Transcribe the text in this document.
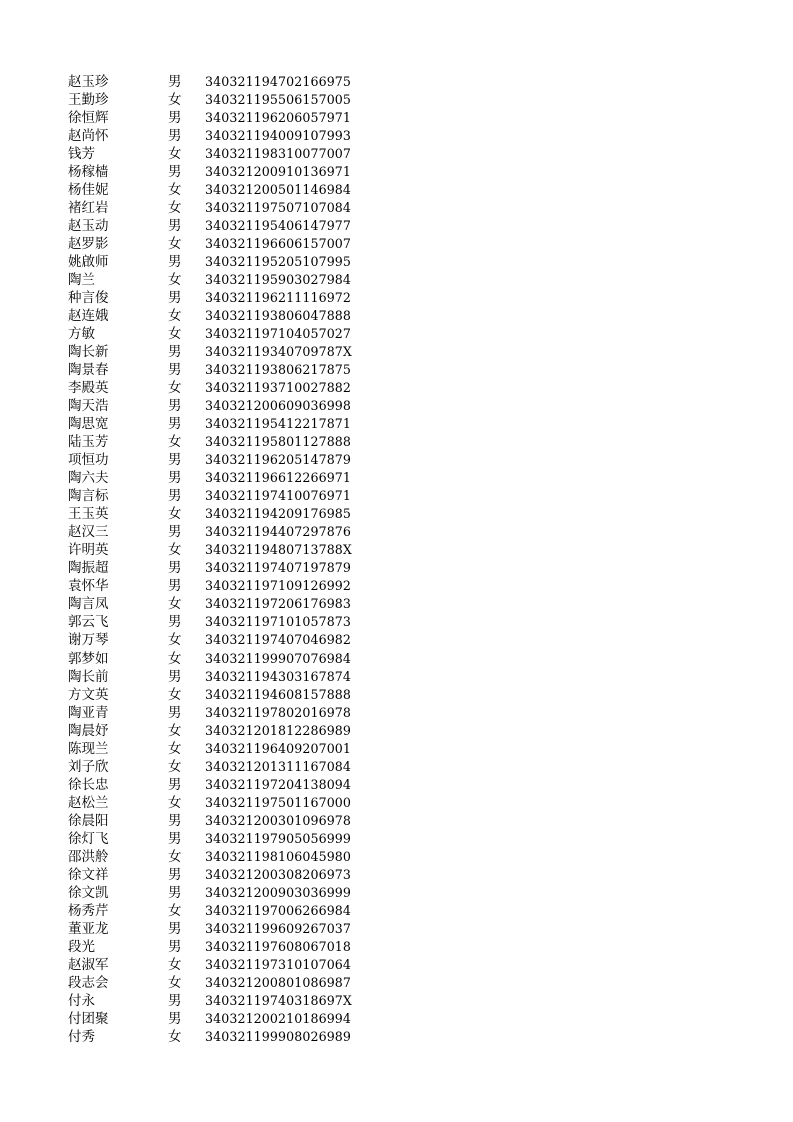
赵玉珍	男	340321194702166975
王勤珍	女	340321195506157005
徐恒辉	男	340321196206057971
赵尚怀	男	340321194009107993
钱芳	女	340321198310077007
杨稼樯	男	340321200910136971
杨佳妮	女	340321200501146984
褚红岩	女	340321197507107084
赵玉动	男	340321195406147977
赵罗影	女	340321196606157007
姚啟师	男	340321195205107995
陶兰	女	340321195903027984
种言俊	男	340321196211116972
赵连娥	女	340321193806047888
方敏	女	340321197104057027
陶长新	男	34032119340709787X
陶景春	男	340321193806217875
李殿英	女	340321193710027882
陶天浩	男	340321200609036998
陶思宽	男	340321195412217871
陆玉芳	女	340321195801127888
项恒功	男	340321196205147879
陶六夫	男	340321196612266971
陶言标	男	340321197410076971
王玉英	女	340321194209176985
赵汉三	男	340321194407297876
许明英	女	34032119480713788X
陶振超	男	340321197407197879
袁怀华	男	340321197109126992
陶言凤	女	340321197206176983
郭云飞	男	340321197101057873
谢万琴	女	340321197407046982
郭梦如	女	340321199907076984
陶长前	男	340321194303167874
方文英	女	340321194608157888
陶亚青	男	340321197802016978
陶晨妤	女	340321201812286989
陈现兰	女	340321196409207001
刘子欣	女	340321201311167084
徐长忠	男	340321197204138094
赵松兰	女	340321197501167000
徐晨阳	男	340321200301096978
徐灯飞	男	340321197905056999
邵洪舲	女	340321198106045980
徐文祥	男	340321200308206973
徐文凯	男	340321200903036999
杨秀芹	女	340321197006266984
董亚龙	男	340321199609267037
段光	男	340321197608067018
赵淑军	女	340321197310107064
段志会	女	340321200801086987
付永	男	34032119740318697X
付团聚	男	340321200210186994
付秀	女	340321199908026989
